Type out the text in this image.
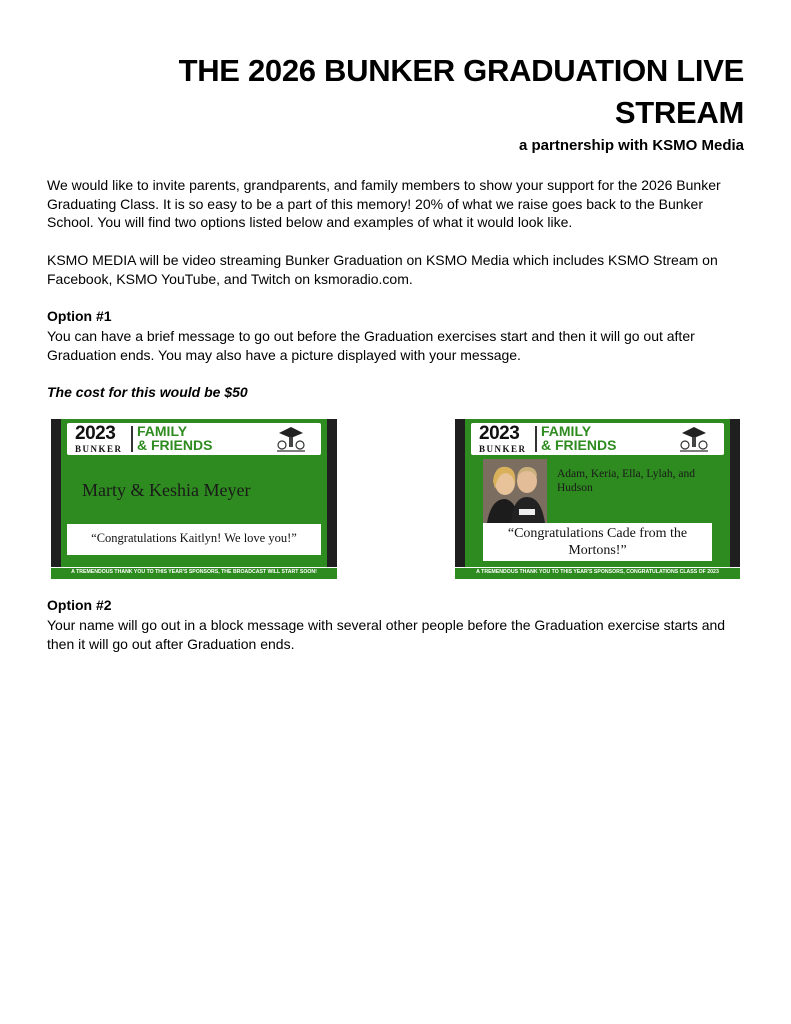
THE 2026 BUNKER GRADUATION LIVE STREAM
a partnership with KSMO Media
We would like to invite parents, grandparents, and family members to show your support for the 2026 Bunker Graduating Class. It is so easy to be a part of this memory! 20% of what we raise goes back to the Bunker School. You will find two options listed below and examples of what it would look like.
KSMO MEDIA will be video streaming Bunker Graduation on KSMO Media which includes KSMO Stream on Facebook, KSMO YouTube, and Twitch on ksmoradio.com.
Option #1
You can have a brief message to go out before the Graduation exercises start and then it will go out after Graduation ends. You may also have a picture displayed with your message.
The cost for this would be $50
2023
BUNKER
FAMILY
& FRIENDS
Marty & Keshia Meyer
“Congratulations Kaitlyn! We love you!”
A TREMENDOUS THANK YOU TO THIS YEAR'S SPONSORS, THE BROADCAST WILL START SOON!
2023
BUNKER
FAMILY
& FRIENDS
Adam, Keria, Ella, Lylah, and Hudson
“Congratulations Cade from the Mortons!”
A TREMENDOUS THANK YOU TO THIS YEAR'S SPONSORS, CONGRATULATIONS CLASS OF 2023
Option #2
Your name will go out in a block message with several other people before the Graduation exercise starts and then it will go out after Graduation ends.
